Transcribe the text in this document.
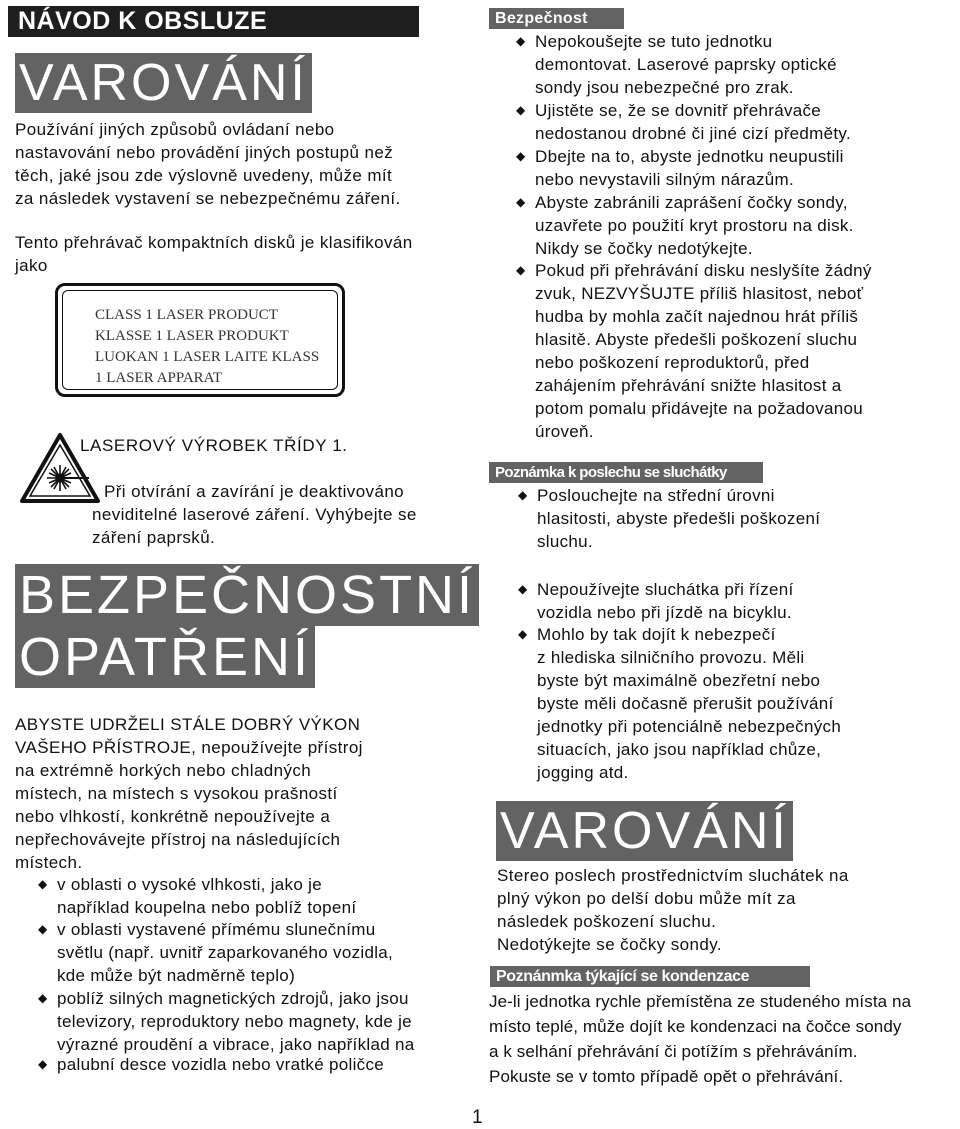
NÁVOD K OBSLUZE
VAROVÁNÍ
Používání jiných způsobů ovládaní nebo
nastavování nebo provádění jiných postupů než
těch, jaké jsou zde výslovně uvedeny, může mít
za následek vystavení se nebezpečnému záření.
Tento přehrávač kompaktních disků je klasifikován
jako
CLASS 1 LASER PRODUCT
KLASSE 1 LASER PRODUKT
LUOKAN 1 LASER LAITE KLASS
1 LASER APPARAT
LASEROVÝ VÝROBEK TŘÍDY 1.
Při otvírání a zavírání je deaktivováno
neviditelné laserové záření. Vyhýbejte se
záření paprsků.
BEZPEČNOSTNÍ
OPATŘENÍ
ABYSTE UDRŽELI STÁLE DOBRÝ VÝKON
VAŠEHO PŘÍSTROJE, nepoužívejte přístroj
na extrémně horkých nebo chladných
místech, na místech s vysokou prašností
nebo vlhkostí, konkrétně nepoužívejte a
nepřechovávejte přístroj na následujících
místech.
◆ v oblasti o vysoké vlhkosti, jako je
například koupelna nebo poblíž topení
◆ v oblasti vystavené přímému slunečnímu
světlu (např. uvnitř zaparkovaného vozidla,
kde může být nadměrně teplo)
◆ poblíž silných magnetických zdrojů, jako jsou
televizory, reproduktory nebo magnety, kde je
výrazné proudění a vibrace, jako například na
◆ palubní desce vozidla nebo vratké poličce
Bezpečnost
◆ Nepokoušejte se tuto jednotku
demontovat. Laserové paprsky optické
sondy jsou nebezpečné pro zrak.
◆ Ujistěte se, že se dovnitř přehrávače
nedostanou drobné či jiné cizí předměty.
◆ Dbejte na to, abyste jednotku neupustili
nebo nevystavili silným nárazům.
◆ Abyste zabránili zaprášení čočky sondy,
uzavřete po použití kryt prostoru na disk.
Nikdy se čočky nedotýkejte.
◆ Pokud při přehrávání disku neslyšíte žádný
zvuk, NEZVYŠUJTE příliš hlasitost, neboť
hudba by mohla začít najednou hrát příliš
hlasitě. Abyste předešli poškození sluchu
nebo poškození reproduktorů, před
zahájením přehrávání snižte hlasitost a
potom pomalu přidávejte na požadovanou
úroveň.
Poznámka k poslechu se sluchátky
◆ Poslouchejte na střední úrovni
hlasitosti, abyste předešli poškození
sluchu.
◆ Nepoužívejte sluchátka při řízení
vozidla nebo při jízdě na bicyklu.
◆ Mohlo by tak dojít k nebezpečí
z hlediska silničního provozu. Měli
byste být maximálně obezřetní nebo
byste měli dočasně přerušit používání
jednotky při potenciálně nebezpečných
situacích, jako jsou například chůze,
jogging atd.
VAROVÁNÍ
Stereo poslech prostřednictvím sluchátek na
plný výkon po delší dobu může mít za
následek poškození sluchu.
Nedotýkejte se čočky sondy.
Poznánmka týkající se kondenzace
Je-li jednotka rychle přemístěna ze studeného místa na
místo teplé, může dojít ke kondenzaci na čočce sondy
a k selhání přehrávání či potížím s přehráváním.
Pokuste se v tomto případě opět o přehrávání.
1
